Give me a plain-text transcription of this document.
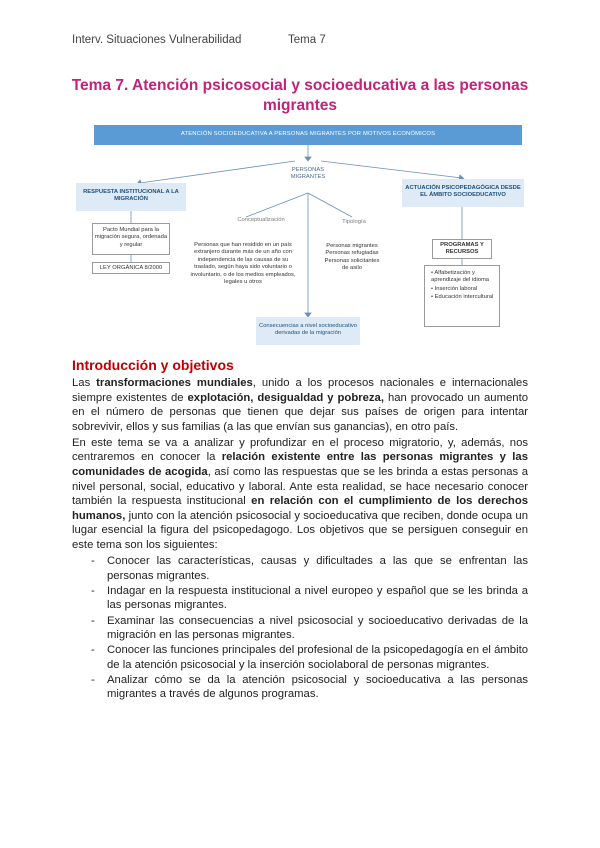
Interv. Situaciones Vulnerabilidad	Tema 7
Tema 7. Atención psicosocial y socioeducativa a las personas migrantes
ATENCIÓN SOCIOEDUCATIVA A PERSONAS MIGRANTES POR MOTIVOS ECONÓMICOS
PERSONAS MIGRANTES
RESPUESTA INSTITUCIONAL A LA MIGRACIÓN
Pacto Mundial para la migración segura, ordenada y regular
LEY ORGÁNICA 8/2000
Conceptualización
Personas que han residido en un país extranjero durante más de un año con independencia de las causas de su traslado, según haya sido voluntario o involuntario, o de los medios empleados, legales u otros
Tipología
Personas migrantes Personas refugiadas Personas solicitantes de asilo
ACTUACIÓN PSICOPEDAGÓGICA DESDE EL ÁMBITO SOCIOEDUCATIVO
PROGRAMAS Y RECURSOS
• Alfabetización y aprendizaje del idioma
• Inserción laboral
• Educación intercultural
Consecuencias a nivel socioeducativo derivadas de la migración
Introducción y objetivos

Las transformaciones mundiales, unido a los procesos nacionales e internacionales siempre existentes de explotación, desigualdad y pobreza, han provocado un aumento en el número de personas que tienen que dejar sus países de origen para intentar sobrevivir, ellos y sus familias (a las que envían sus ganancias), en otro país.

En este tema se va a analizar y profundizar en el proceso migratorio, y, además, nos centraremos en conocer la relación existente entre las personas migrantes y las comunidades de acogida, así como las respuestas que se les brinda a estas personas a nivel personal, social, educativo y laboral. Ante esta realidad, se hace necesario conocer también la respuesta institucional en relación con el cumplimiento de los derechos humanos, junto con la atención psicosocial y socioeducativa que reciben, donde ocupa un lugar esencial la figura del psicopedagogo. Los objetivos que se persiguen conseguir en este tema son los siguientes:

- Conocer las características, causas y dificultades a las que se enfrentan las personas migrantes.
- Indagar en la respuesta institucional a nivel europeo y español que se les brinda a las personas migrantes.
- Examinar las consecuencias a nivel psicosocial y socioeducativo derivadas de la migración en las personas migrantes.
- Conocer las funciones principales del profesional de la psicopedagogía en el ámbito de la atención psicosocial y la inserción sociolaboral de personas migrantes.
- Analizar cómo se da la atención psicosocial y socioeducativa a las personas migrantes a través de algunos programas.
